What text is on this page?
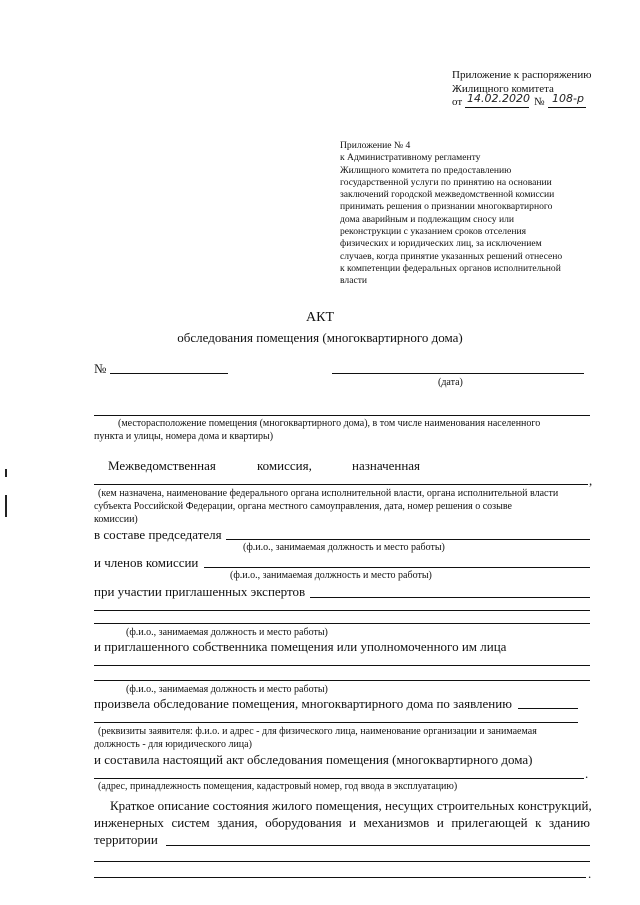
Приложение к распоряжению
Жилищного комитета
от 14.02.2020 № 108-р
Приложение № 4
к Административному регламенту
Жилищного комитета по предоставлению
государственной услуги по принятию на основании
заключений городской межведомственной комиссии
принимать решения о признании многоквартирного
дома аварийным и подлежащим сносу или
реконструкции с указанием сроков отселения
физических и юридических лиц, за исключением
случаев, когда принятие указанных решений отнесено
к компетенции федеральных органов исполнительной
власти
АКТ
обследования помещения (многоквартирного дома)
№
(дата)
(месторасположение помещения (многоквартирного дома), в том числе наименования населенного
пункта и улицы, номера дома и квартиры)
Межведомственная	комиссия,	назначенная
,
(кем назначена, наименование федерального органа исполнительной власти, органа исполнительной власти
субъекта Российской Федерации, органа местного самоуправления, дата, номер решения о созыве
комиссии)
в составе председателя
(ф.и.о., занимаемая должность и место работы)
и членов комиссии
(ф.и.о., занимаемая должность и место работы)
при участии приглашенных экспертов
(ф.и.о., занимаемая должность и место работы)
и приглашенного собственника помещения или уполномоченного им лица
(ф.и.о., занимаемая должность и место работы)
произвела обследование помещения, многоквартирного дома по заявлению
(реквизиты заявителя: ф.и.о. и адрес - для физического лица, наименование организации и занимаемая
должность - для юридического лица)
и составила настоящий акт обследования помещения (многоквартирного дома)
.
(адрес, принадлежность помещения, кадастровый номер, год ввода в эксплуатацию)
Краткое описание состояния жилого помещения, несущих строительных конструкций,
инженерных систем здания, оборудования и механизмов и прилегающей к зданию
территории
.
